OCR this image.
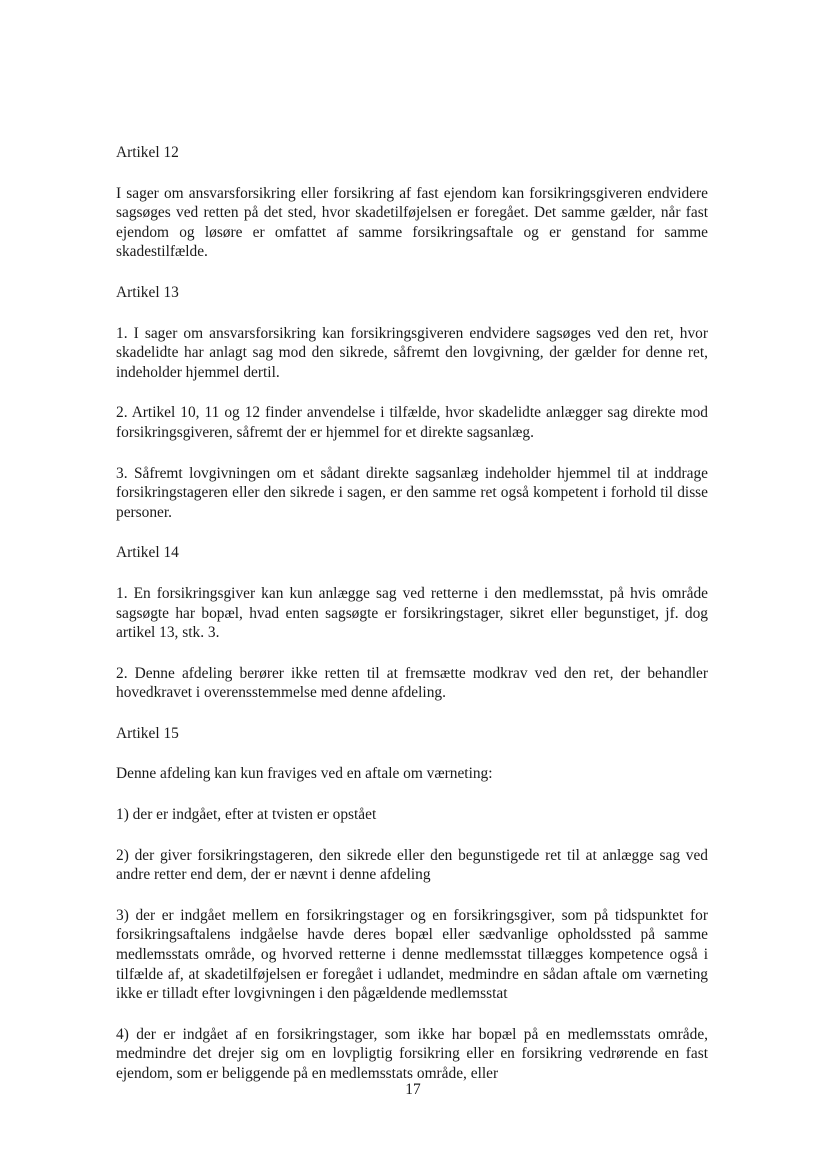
Artikel 12

I sager om ansvarsforsikring eller forsikring af fast ejendom kan forsikringsgiveren endvidere sagsøges ved retten på det sted, hvor skadetilføjelsen er foregået. Det samme gælder, når fast ejendom og løsøre er omfattet af samme forsikringsaftale og er genstand for samme skadestilfælde.

Artikel 13

1. I sager om ansvarsforsikring kan forsikringsgiveren endvidere sagsøges ved den ret, hvor skadelidte har anlagt sag mod den sikrede, såfremt den lovgivning, der gælder for denne ret, indeholder hjemmel dertil.

2. Artikel 10, 11 og 12 finder anvendelse i tilfælde, hvor skadelidte anlægger sag direkte mod forsikringsgiveren, såfremt der er hjemmel for et direkte sagsanlæg.

3. Såfremt lovgivningen om et sådant direkte sagsanlæg indeholder hjemmel til at inddrage forsikringstageren eller den sikrede i sagen, er den samme ret også kompetent i forhold til disse personer.

Artikel 14

1. En forsikringsgiver kan kun anlægge sag ved retterne i den medlemsstat, på hvis område sagsøgte har bopæl, hvad enten sagsøgte er forsikringstager, sikret eller begunstiget, jf. dog artikel 13, stk. 3.

2. Denne afdeling berører ikke retten til at fremsætte modkrav ved den ret, der behandler hovedkravet i overensstemmelse med denne afdeling.

Artikel 15

Denne afdeling kan kun fraviges ved en aftale om værneting:

1) der er indgået, efter at tvisten er opstået

2) der giver forsikringstageren, den sikrede eller den begunstigede ret til at anlægge sag ved andre retter end dem, der er nævnt i denne afdeling

3) der er indgået mellem en forsikringstager og en forsikringsgiver, som på tidspunktet for forsikringsaftalens indgåelse havde deres bopæl eller sædvanlige opholdssted på samme medlemsstats område, og hvorved retterne i denne medlemsstat tillægges kompetence også i tilfælde af, at skadetilføjelsen er foregået i udlandet, medmindre en sådan aftale om værneting ikke er tilladt efter lovgivningen i den pågældende medlemsstat

4) der er indgået af en forsikringstager, som ikke har bopæl på en medlemsstats område, medmindre det drejer sig om en lovpligtig forsikring eller en forsikring vedrørende en fast ejendom, som er beliggende på en medlemsstats område, eller

17
